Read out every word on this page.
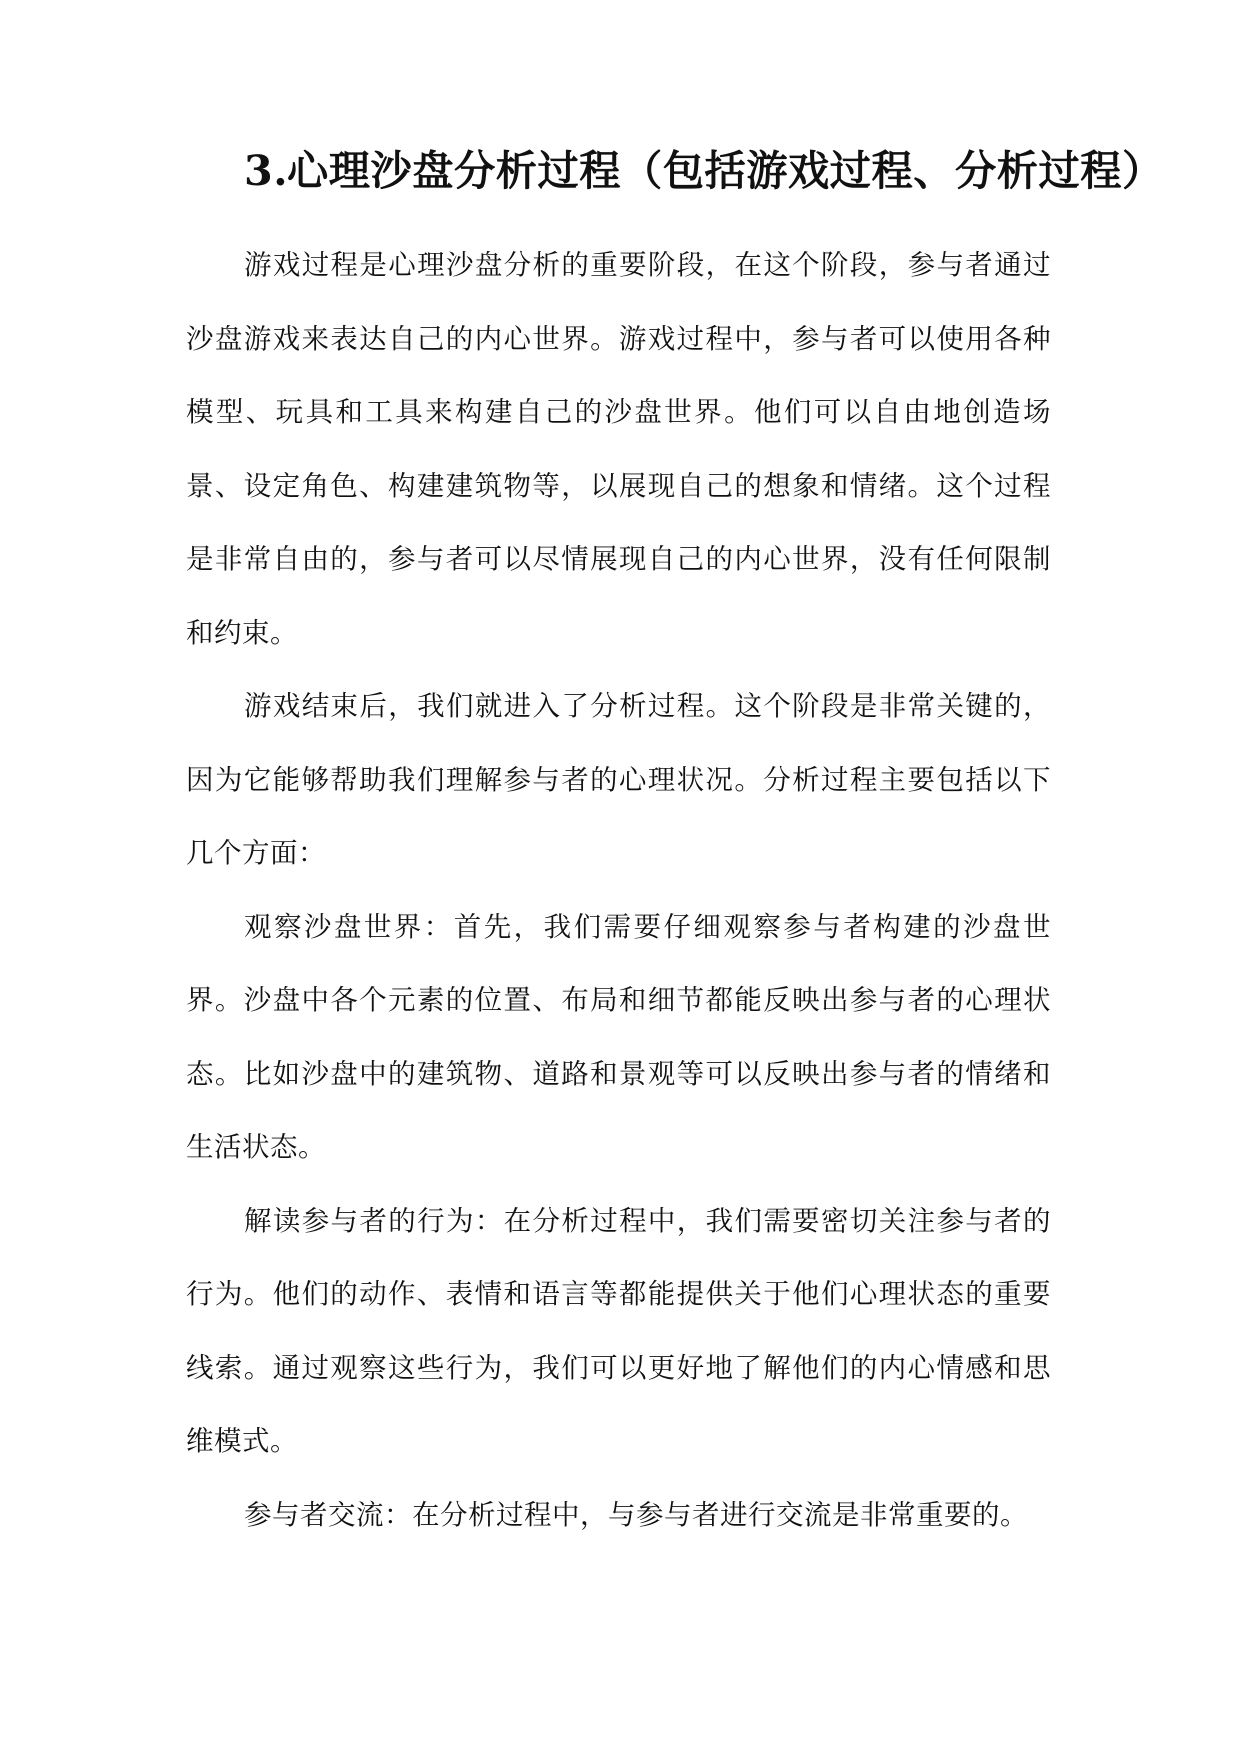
3.心理沙盘分析过程（包括游戏过程、分析过程）

游戏过程是心理沙盘分析的重要阶段，在这个阶段，参与者通过沙盘游戏来表达自己的内心世界。游戏过程中，参与者可以使用各种模型、玩具和工具来构建自己的沙盘世界。他们可以自由地创造场景、设定角色、构建建筑物等，以展现自己的想象和情绪。这个过程是非常自由的，参与者可以尽情展现自己的内心世界，没有任何限制和约束。

游戏结束后，我们就进入了分析过程。这个阶段是非常关键的，因为它能够帮助我们理解参与者的心理状况。分析过程主要包括以下几个方面：

观察沙盘世界：首先，我们需要仔细观察参与者构建的沙盘世界。沙盘中各个元素的位置、布局和细节都能反映出参与者的心理状态。比如沙盘中的建筑物、道路和景观等可以反映出参与者的情绪和生活状态。

解读参与者的行为：在分析过程中，我们需要密切关注参与者的行为。他们的动作、表情和语言等都能提供关于他们心理状态的重要线索。通过观察这些行为，我们可以更好地了解他们的内心情感和思维模式。

参与者交流：在分析过程中，与参与者进行交流是非常重要的。
